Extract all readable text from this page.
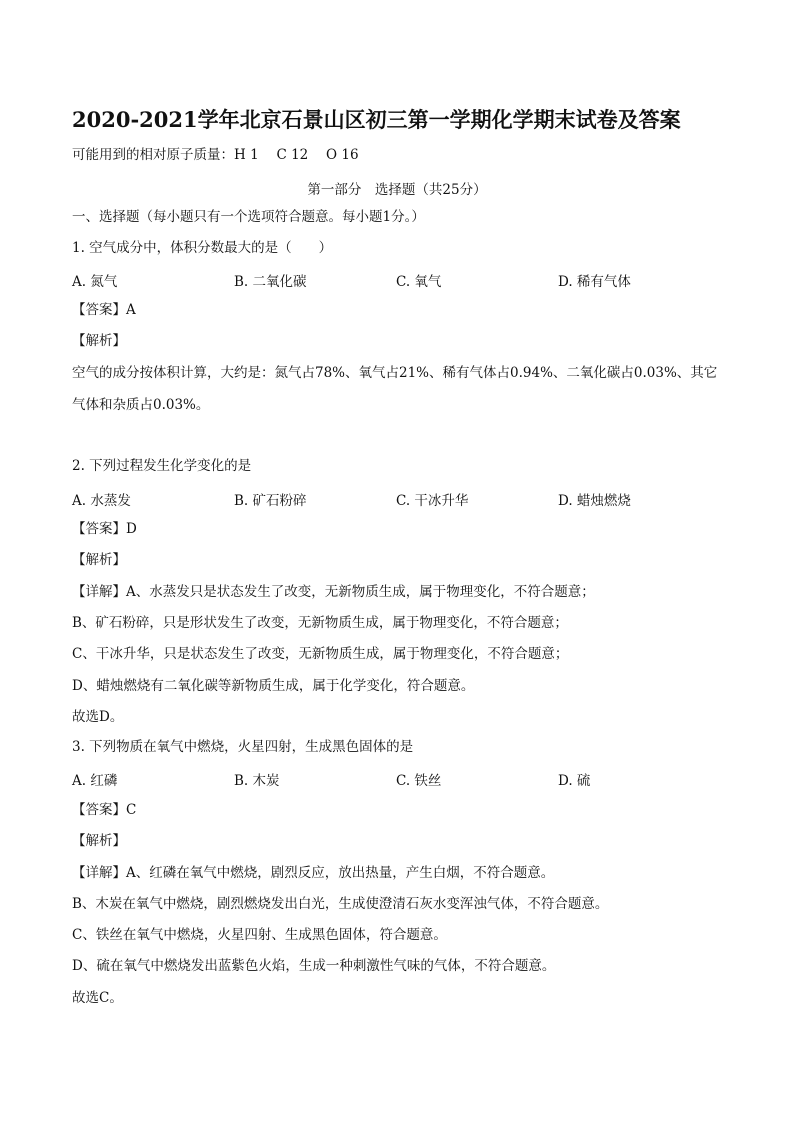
2020-2021学年北京石景山区初三第一学期化学期末试卷及答案
可能用到的相对原子质量：H 1　 C 12　 O 16
第一部分　选择题（共25分）
一、选择题（每小题只有一个选项符合题意。每小题1分。）
1. 空气成分中，体积分数最大的是（　　）
A. 氮气	B. 二氧化碳	C. 氧气	D. 稀有气体
【答案】A
【解析】
空气的成分按体积计算，大约是：氮气占78%、氧气占21%、稀有气体占0.94%、二氧化碳占0.03%、其它
气体和杂质占0.03%。
2. 下列过程发生化学变化的是
A. 水蒸发	B. 矿石粉碎	C. 干冰升华	D. 蜡烛燃烧
【答案】D
【解析】
【详解】A、水蒸发只是状态发生了改变，无新物质生成，属于物理变化，不符合题意；
B、矿石粉碎，只是形状发生了改变，无新物质生成，属于物理变化，不符合题意；
C、干冰升华，只是状态发生了改变，无新物质生成，属于物理变化，不符合题意；
D、蜡烛燃烧有二氧化碳等新物质生成，属于化学变化，符合题意。
故选D。
3. 下列物质在氧气中燃烧，火星四射，生成黑色固体的是
A. 红磷	B. 木炭	C. 铁丝	D. 硫
【答案】C
【解析】
【详解】A、红磷在氧气中燃烧，剧烈反应，放出热量，产生白烟，不符合题意。
B、木炭在氧气中燃烧，剧烈燃烧发出白光，生成使澄清石灰水变浑浊气体，不符合题意。
C、铁丝在氧气中燃烧，火星四射、生成黑色固体，符合题意。
D、硫在氧气中燃烧发出蓝紫色火焰，生成一种刺激性气味的气体，不符合题意。
故选C。
